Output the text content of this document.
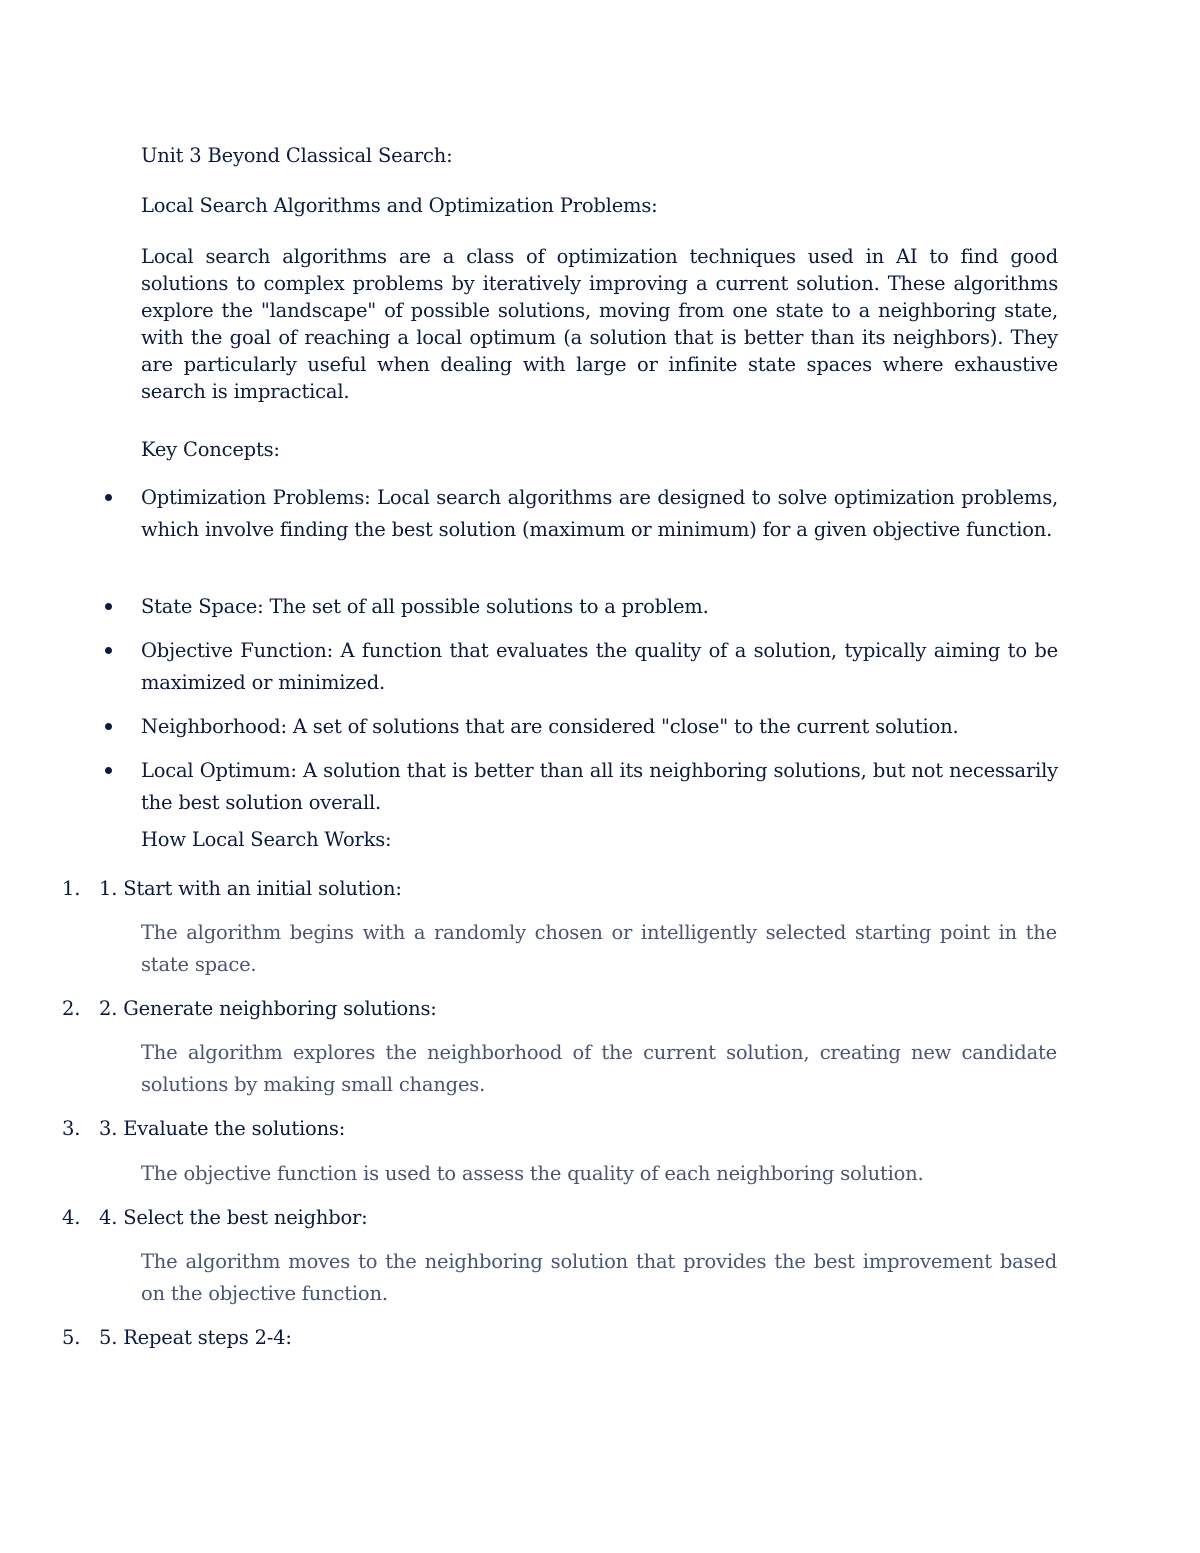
Unit 3 Beyond Classical Search:
Local Search Algorithms and Optimization Problems:
Local search algorithms are a class of optimization techniques used in AI to find good solutions to complex problems by iteratively improving a current solution. These algorithms explore the "landscape" of possible solutions, moving from one state to a neighboring state, with the goal of reaching a local optimum (a solution that is better than its neighbors). They are particularly useful when dealing with large or infinite state spaces where exhaustive search is impractical.
Key Concepts:
Optimization Problems: Local search algorithms are designed to solve optimization problems, which involve finding the best solution (maximum or minimum) for a given objective function.
State Space: The set of all possible solutions to a problem.
Objective Function: A function that evaluates the quality of a solution, typically aiming to be maximized or minimized.
Neighborhood: A set of solutions that are considered "close" to the current solution.
Local Optimum: A solution that is better than all its neighboring solutions, but not necessarily the best solution overall.
How Local Search Works:
1. 1. Start with an initial solution:
The algorithm begins with a randomly chosen or intelligently selected starting point in the state space.
2. 2. Generate neighboring solutions:
The algorithm explores the neighborhood of the current solution, creating new candidate solutions by making small changes.
3. 3. Evaluate the solutions:
The objective function is used to assess the quality of each neighboring solution.
4. 4. Select the best neighbor:
The algorithm moves to the neighboring solution that provides the best improvement based on the objective function.
5. 5. Repeat steps 2-4:
